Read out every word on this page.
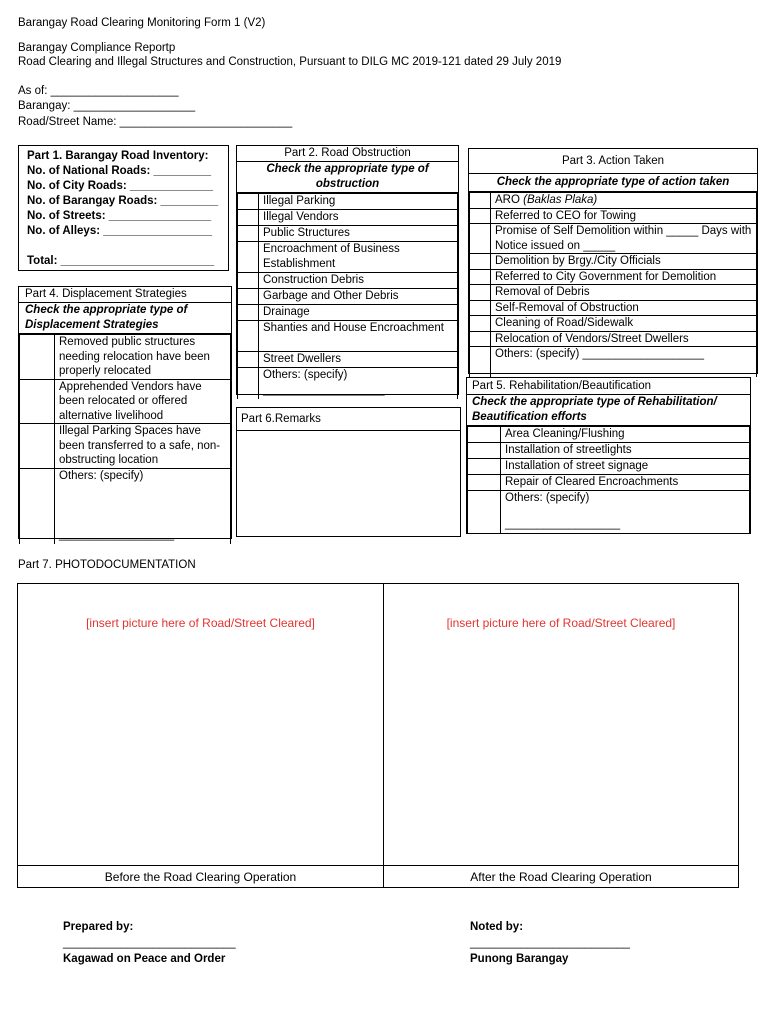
Barangay Road Clearing Monitoring Form 1 (V2)
Barangay Compliance Reportp
Road Clearing and Illegal Structures and Construction, Pursuant to DILG MC 2019-121 dated 29 July 2019
As of: ____________________
Barangay: ___________________
Road/Street Name: ___________________________
Part 1. Barangay Road Inventory:
No. of National Roads: _________
No. of City Roads: _____________
No. of Barangay Roads: _________
No. of Streets: ________________
No. of Alleys: _________________
Total: ________________________
Part 2. Road Obstruction
Check the appropriate type of obstruction
	Illegal Parking
	Illegal Vendors
	Public Structures
	Encroachment of Business Establishment
	Construction Debris
	Garbage and Other Debris
	Drainage
	Shanties and House Encroachment
	Street Dwellers
	Others: (specify) ___________________
Part 3. Action Taken
Check the appropriate type of action taken
	ARO (Baklas Plaka)
	Referred to CEO for Towing
	Promise of Self Demolition within _____ Days with Notice issued on _____
	Demolition by Brgy./City Officials
	Referred to City Government for Demolition
	Removal of Debris
	Self-Removal of Obstruction
	Cleaning of Road/Sidewalk
	Relocation of Vendors/Street Dwellers
	Others: (specify) ___________________
Part 4. Displacement Strategies
Check the appropriate type of Displacement Strategies
	Removed public structures needing relocation have been properly relocated
	Apprehended Vendors have been relocated or offered alternative livelihood
	Illegal Parking Spaces have been transferred to a safe, non-obstructing location

	Others: (specify)
__________________
Part 6.Remarks
Part 5. Rehabilitation/Beautification
Check the appropriate type of Rehabilitation/ Beautification efforts
	Area Cleaning/Flushing
	Installation of streetlights
	Installation of street signage
	Repair of Cleared Encroachments

	Others: (specify)
__________________
Part 7. PHOTODOCUMENTATION
[insert picture here of Road/Street Cleared]	[insert picture here of Road/Street Cleared]
Before the Road Clearing Operation	After the Road Clearing Operation
Prepared by:
___________________________
Kagawad on Peace and Order
Noted by:
_________________________
Punong Barangay
